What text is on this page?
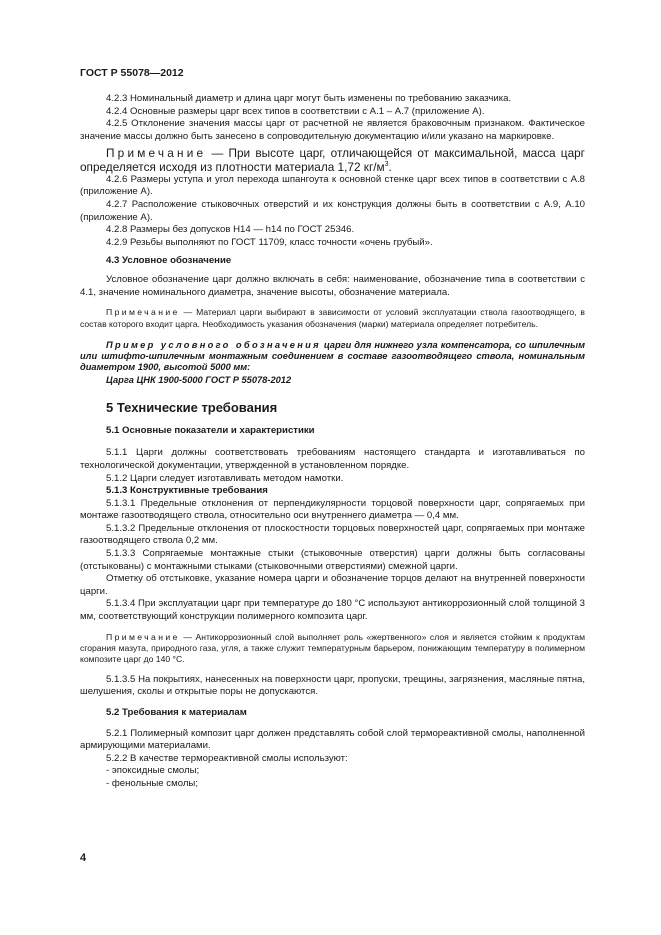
ГОСТ Р 55078—2012

4.2.3 Номинальный диаметр и длина царг могут быть изменены по требованию заказчика.

4.2.4 Основные размеры царг всех типов в соответствии с А.1 – А.7 (приложение А).

4.2.5 Отклонение значения массы царг от расчетной не является браковочным признаком. Фактическое значение массы должно быть занесено в сопроводительную документацию и/или указано на маркировке.

Примечание — При высоте царг, отличающейся от максимальной, масса царг определяется исходя из плотности материала 1,72 $кг/м^3$.

4.2.6 Размеры уступа и угол перехода шпангоута к основной стенке царг всех типов в соответствии с А.8 (приложение А).

4.2.7 Расположение стыковочных отверстий и их конструкция должны быть в соответствии с А.9, А.10 (приложение А).

4.2.8 Размеры без допусков Н14 — h14 по ГОСТ 25346.

4.2.9 Резьбы выполняют по ГОСТ 11709, класс точности «очень грубый».

4.3 Условное обозначение

Условное обозначение царг должно включать в себя: наименование, обозначение типа в соответствии с 4.1, значение номинального диаметра, значение высоты, обозначение материала.

Примечание — Материал царги выбирают в зависимости от условий эксплуатации ствола газоотводящего, в состав которого входит царга. Необходимость указания обозначения (марки) материала определяет потребитель.

Пример условного обозначения царги для нижнего узла компенсатора, со шпилечным или штифто-шпилечным монтажным соединением в составе газоотводящего ствола, номинальным диаметром 1900, высотой 5000 мм:

Царга ЦНК 1900-5000 ГОСТ Р 55078-2012

5 Технические требования

5.1 Основные показатели и характеристики

5.1.1 Царги должны соответствовать требованиям настоящего стандарта и изготавливаться по технологической документации, утвержденной в установленном порядке.

5.1.2 Царги следует изготавливать методом намотки.

5.1.3 Конструктивные требования

5.1.3.1 Предельные отклонения от перпендикулярности торцовой поверхности царг, сопрягаемых при монтаже газоотводящего ствола, относительно оси внутреннего диаметра — 0,4 мм.

5.1.3.2 Предельные отклонения от плоскостности торцовых поверхностей царг, сопрягаемых при монтаже газоотводящего ствола 0,2 мм.

5.1.3.3 Сопрягаемые монтажные стыки (стыковочные отверстия) царги должны быть согласованы (отстыкованы) с монтажными стыками (стыковочными отверстиями) смежной царги.

Отметку об отстыковке, указание номера царги и обозначение торцов делают на внутренней поверхности царги.

5.1.3.4 При эксплуатации царг при температуре до 180 °С используют антикоррозионный слой толщиной 3 мм, соответствующий конструкции полимерного композита царг.

Примечание — Антикоррозионный слой выполняет роль «жертвенного» слоя и является стойким к продуктам сгорания мазута, природного газа, угля, а также служит температурным барьером, понижающим температуру в полимерном композите царг до 140 °С.

5.1.3.5 На покрытиях, нанесенных на поверхности царг, пропуски, трещины, загрязнения, масляные пятна, шелушения, сколы и открытые поры не допускаются.

5.2 Требования к материалам

5.2.1 Полимерный композит царг должен представлять собой слой термореактивной смолы, наполненной армирующими материалами.

5.2.2 В качестве термореактивной смолы используют:

- эпоксидные смолы;

- фенольные смолы;

4
